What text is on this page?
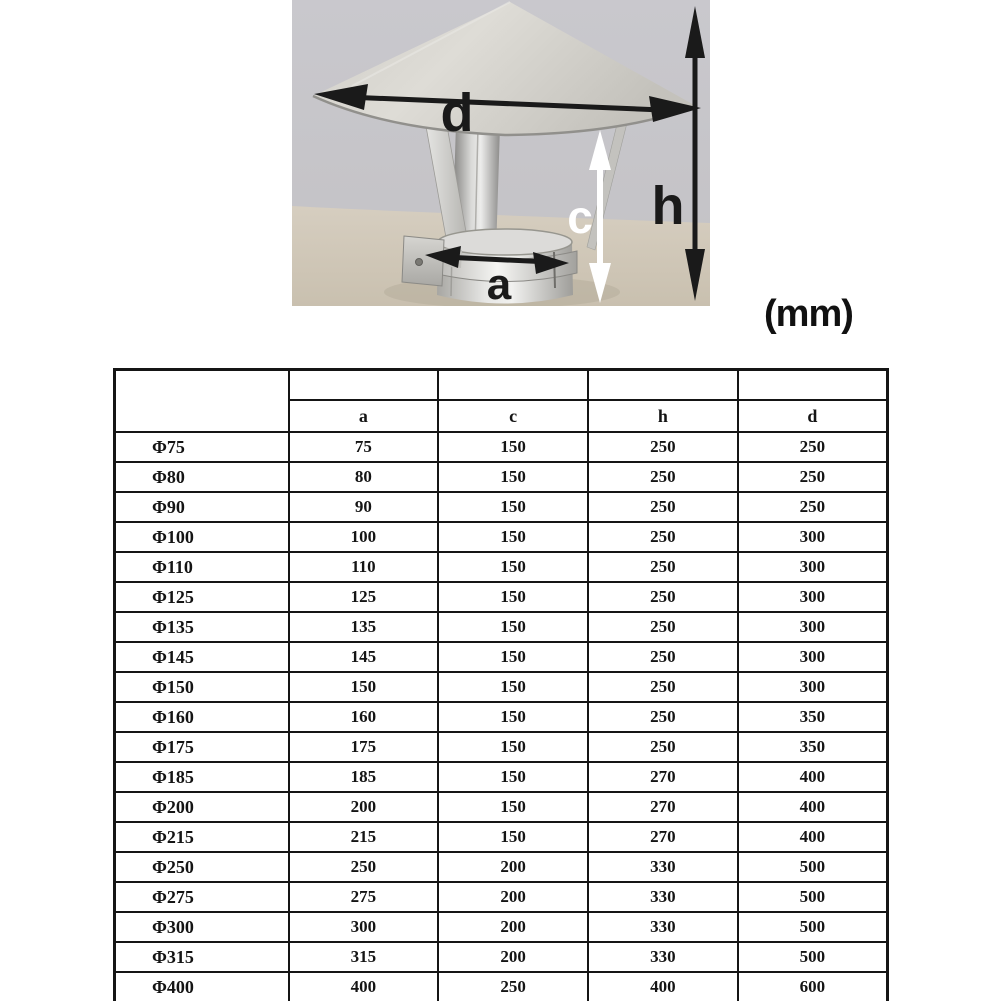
d
h
c
a
(mm)

	a	c	h	d
Φ75	75	150	250	250
Φ80	80	150	250	250
Φ90	90	150	250	250
Φ100	100	150	250	300
Φ110	110	150	250	300
Φ125	125	150	250	300
Φ135	135	150	250	300
Φ145	145	150	250	300
Φ150	150	150	250	300
Φ160	160	150	250	350
Φ175	175	150	250	350
Φ185	185	150	270	400
Φ200	200	150	270	400
Φ215	215	150	270	400
Φ250	250	200	330	500
Φ275	275	200	330	500
Φ300	300	200	330	500
Φ315	315	200	330	500
Φ400	400	250	400	600
